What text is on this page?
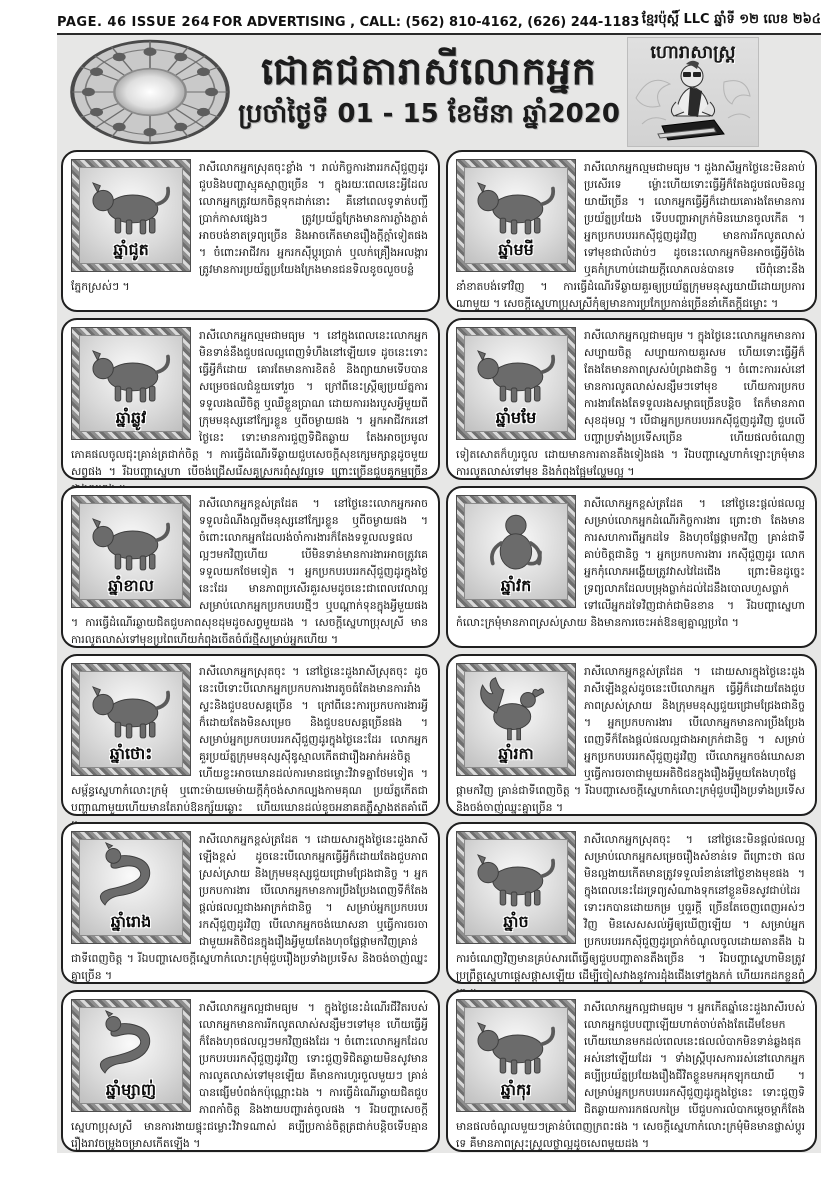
PAGE. 46 ISSUE 264 FOR ADVERTISING , CALL: (562) 810-4162, (626) 244-1183 ខ្មែរប៉ុស្តិ៍ LLC ឆ្នាំទី ១២ លេខ ២៦៤
ជោគជតារាសីលោកអ្នក
ប្រចាំថ្ងៃទី 01 - 15 ខែមីនា ឆ្នាំ2020
ហោរាសាស្ត្រ
ឆ្នាំជូត

រាសីលោកអ្នកស្រុតចុះខ្លាំង ។ រាល់កិច្ចការងាររកស៊ីជួញដូរ ជួបនិងបញ្ហាស្មុគស្មាញច្រើន ។ ក្នុងរយៈពេលនេះអ្វីដែលលោកអ្នកត្រូវយកចិត្តទុកដាក់នោះ គឺនៅពេលទូទាត់បញ្ជីប្រាក់កាសផ្សេងៗ ត្រូវប្រយ័ត្នក្រែងមានការភ្លាំងភ្លាត់ អាចបង់ខាតទ្រព្យច្រើន និងអាចកើតមានរឿងក្តីក្តាំទៀតផង ។ ចំពោះអាជីវករ អ្នករកស៊ីប្តូរប្រាក់ ឬលក់គ្រឿងអលង្ការ ត្រូវមានការប្រយ័ត្នប្រយែងក្រែងមានជនទិលខូចលួចបន្លំភ្នែកស្រស់ៗ ។

ឆ្នាំមមី

រាសីលោកអ្នកល្មមជាមធ្យម ។ ដួងរាសីអ្នកថ្ងៃនេះមិនគាប់ប្រសើរទេ ម្ល៉ោះហើយទោះធ្វើអ្វីក៏តែងជួបផលមិនល្អយាយីច្រើន ។ លោកអ្នកធ្វើអ្វីក៏ដោយគោរងតែមានការប្រយ័ត្នប្រយែង ទើបបញ្ហាអាក្រក់មិនឃោនចូលកើត ។ អ្នកប្រកបរបររកស៊ីជួញដូរវិញ មានការរីកលូតលាស់ទៅមុខជាលំដាប់ៗ ដូចនេះលោកអ្នកមិនអាចធ្វើអ្វីចំងៃ ឬគកំក្រហាប់ដោយក្តីលោភលន់បានទេ បើពុំនោះនឹងនាំខាតបង់ទៅវិញ ។ ការធ្វើដំណើរទីឆ្ងាយគួរឲ្យប្រយ័ត្នក្រុមមនុស្សយាយីដោយប្រការណាមួយ ។ សេចក្តីស្នេហាប្រុសស្រីកុំឲ្យមានការប្រកែប្រកាន់ច្រើននាំកើតក្តីជម្លោះ ។

ឆ្នាំឆ្លូវ

រាសីលោកអ្នកល្មមជាមធ្យម ។ នៅក្នុងពេលនេះលោកអ្នកមិនទាន់នឹងជួបផលល្អពេញទំហឹងនៅឡើយទេ ដូចនេះទោះធ្វើអ្វីក៏ដោយ គោរតែមានការខិតខំ និងព្យាយាមទើបបានសម្រេចផលជំនួយទៅរួច ។ ក្រៅពីនេះស្ត្រីឲ្យប្រយ័ត្នការទទួលរងឈឺចិត្ត ឬឈឺខ្លួនប្រាណ ដោយការរងរបួសអ្វីមួយពីក្រុមមនុស្សនៅក្បែរខ្លួន ឬពីចម្ងាយផង ។ អ្នកអាជីវករនៅថ្ងៃនេះ ទោះមានការជួញទិជិតឆ្ងាយ តែងអាចប្រមូលភោគផលចូលជុះគ្រាន់ត្រជាក់ចិត្ត ។ ការធ្វើដំណើរទីឆ្ងាយជួបសេចក្តីសុខក្សេមក្សាន្តដូចមួយសព្វផង ។ រីឯបញ្ហាស្នេហា បើចង់ជ្រើសរើសគូស្រករពុំសូវល្អទេ ព្រោះច្រើនជួបគូកម្មច្រើន

ឆ្នាំមមែ

រាសីលោកអ្នកល្អជាមធ្យម ។ ក្នុងថ្ងៃនេះលោកអ្នកមានការសប្បាយចិត្ត សប្បាយកាយគួរសម ហើយទោះធ្វើអ្វីក៏តែងតែមានភាពស្រស់បំព្រងជានិច្ច ។ ចំពោះការរស់នៅមានការលូតលាស់សន្សឹមៗទៅមុខ ហើយការប្រកបការងារតែងតែទទួលរងសម្ពាធច្រើនបន្តិច តែក៏មានភាពសុខដុមល្អ ។ បើជាអ្នកប្រកបរបររកស៊ីជួញដូរវិញ ជួបលើបញ្ហាប្រទាំងប្រទើសច្រើន ហើយផលចំណេញទៀតសោតក៏ហួរចួល ដោយមានការតានតឹងទៀងផង ។ រីឯបញ្ហាស្នេហាកំឡោះក្រមុំមានការលូតលាស់ទៅមុខ និងកំពុងផ្អែមល្ហែមល្អ ។

ឆ្នាំខាល

រាសីលោកអ្នកខ្ពស់ត្រដែត ។ នៅថ្ងៃនេះលោកអ្នកអាចទទួលដំណឹងល្អពីមនុស្សនៅក្បែរខ្លួន ឬពីចម្ងាយផង ។ ចំពោះលោកអ្នកដែលរង់ចាំការងារក៏តែងទទួលលទ្ធផលល្អៗមកវិញហើយ បើមិនទាន់មានការងារអាចត្រូវគេទទួលយកថែមទៀត ។ អ្នកប្រកបរបររកស៊ីជួញដូរក្នុងថ្ងៃនេះដែរ មានភាពប្រសើរគួរសមដូចនេះជាពេលវេលាល្អសម្រាប់លោកអ្នកប្រកបរបរថ្មីៗ ឬបណ្តាក់ទុនក្នុងអ្វីមួយផង ។ ការធ្វើដំណើរឆ្ងាយជិតជួបភាពសុខដុមដូចសព្វមួយដង ។ សេចក្តីស្នេហាប្រុសស្រី មានការលូតលាស់ទៅមុខប្រពៃហើយកំពុងចើតចំព័រថ្មីសម្រាប់អ្នកហើយ ។

ឆ្នាំវក

រាសីលោកអ្នកខ្ពស់ត្រដែត ។ នៅថ្ងៃនេះផ្តល់ផលល្អសម្រាប់លោកអ្នកដំណើរកិច្ចការងារ ព្រោះថា តែងមានការសហការពីអ្នកដទៃ និងហុចផ្លែផ្កាមកវិញ គ្រាន់ជាទីគាប់ចិត្តជានិច្ច ។ អ្នកប្រកបការងារ រកស៊ីជួញដូរ លោកអ្នកកុំលោភអង្ហើយត្រូវវាសវៃដៃជើង ព្រោះមិនដូច្នេះទ្រព្យលាភដែលបម្រុងធ្លាក់ដល់ដៃនឹងបោលហួសធ្លាក់ទៅលើអ្នកដទៃវិញជាក់ជាមិនខាន ។ រីឯបញ្ហាស្នេហាកំលោះក្រមុំមានភាពស្រស់ស្រាយ និងមានការចេះអត់ឱនឲ្យគ្នាល្អប្រពៃ ។

ឆ្នាំថោះ

រាសីលោកអ្នកស្រុតចុះ ។ នៅថ្ងៃនេះដួងរាសីស្រុតចុះ ដូចនេះបើទោះបីលោកអ្នកប្រកបការងារតូចធំតែងមានការរាំងស្ទះនិងជួបឧបសគ្គច្រើន ។ ក្រៅពីនេះការប្រកបការងារអ្វីក៏ដោយតែងមិនសម្រេច និងជួបឧបសគ្គច្រើនផង ។ សម្រាប់អ្នកប្រកបរបររកស៊ីជួញដូរក្នុងថ្ងៃនេះដែរ លោកអ្នកគួរប្រយ័ត្នក្រុមមនុស្សស៊ីឌូស្មាលកើតជារឿងអាក់អន់ចិត្ត ហើយខ្លះអាចឃោនដល់ការមានជម្លោះវិវាទគ្នាថែមទៀត ។ សម្ព័ន្ធស្នេហាកំលោះក្រមុំ ឬពោះម៉ាយមេម៉ាយក្តីកុំចង់សាកល្បងកាមគុណ ប្រយ័ត្នកើតជាបញ្ហាណាមួយហើយមានតែរាប់ឱនក្ស័យឆ្ងោះ ហើយឃោនដល់ខូចអនាគតភ្លឺស្វាងឥតគាំពើ

ឆ្នាំរកា

រាសីលោកអ្នកខ្ពស់ត្រដែត ។ ដោយសារក្នុងថ្ងៃនេះដួងរាសីឡើងខ្ពស់ដូចនេះបើលោកអ្នក ធ្វើអ្វីក៏ដោយតែងជួបភាពស្រស់ស្រាយ និងក្រុមមនុស្សជួយជ្រោមជ្រែងជានិច្ច ។ អ្នកប្រកបការងារ បើលោកអ្នកមានការប្រឹងប្រែងពេញទីក៏តែងផ្តល់ផលល្អជាងអាក្រក់ជានិច្ច ។ សម្រាប់អ្នកប្រកបរបររកស៊ីជួញដូរវិញ បើលោកអ្នកចង់ឃោសនា ឬធ្វើការចរចាជាមួយអតិថិជនក្នុងរឿងអ្វីមួយតែងហុចផ្លែផ្កាមកវិញ គ្រាន់ជាទីពេញចិត្ត ។ រីឯបញ្ហាសេចក្តីស្នេហាកំលោះក្រមុំជួបរឿងប្រទាំងប្រទើស និងចង់ចាញ់ឈ្នះគ្នាច្រើន ។

ឆ្នាំរោង

រាសីលោកអ្នកខ្ពស់ត្រដែត ។ ដោយសារក្នុងថ្ងៃនេះដួងរាសីឡើងខ្ពស់ ដូចនេះបើលោកអ្នកធ្វើអ្វីក៏ដោយតែងជួបភាពស្រស់ស្រាយ និងក្រុមមនុស្សជួយជ្រោមជ្រែងជានិច្ច ។ អ្នកប្រកបការងារ បើលោកអ្នកមានការប្រឹងប្រែងពេញទីក៏តែងផ្តល់ផលល្អជាងអាក្រក់ជានិច្ច ។ សម្រាប់អ្នកប្រកបរបររកស៊ីជួញដូរវិញ បើលោកអ្នកចង់ឃោសនា ឬធ្វើការចរចាជាមួយអតិថិជនក្នុងរឿងអ្វីមួយតែងហុចផ្លែផ្កាមកវិញគ្រាន់ជាទីពេញចិត្ត ។ រីឯបញ្ហាសេចក្តីស្នេហាកំលោះក្រមុំជួបរឿងប្រទាំងប្រទើស និងចង់ចាញ់ឈ្នះគ្នាច្រើន ។

ឆ្នាំច

រាសីលោកអ្នកស្រុតចុះ ។ នៅថ្ងៃនេះមិនផ្តល់ផលល្អសម្រាប់លោកអ្នកសម្រេចរឿងសំខាន់ទេ ពីព្រោះថា ផលមិនល្អងាយកើតមានត្រូវទទួលរំខាន់នៅថ្ងៃខាងមុខផង ។ ក្នុងពេលនេះដែរទ្រព្យសំណាងទុកនៅខ្លួនមិនសូវជាប់ដៃរ ទោះរកបានដោយកម្រ ឬធួរក្តី ច្រើនតែចេញពេញអស់ៗវិញ មិនសេសសល់អ្វីឲ្យឃើញឡើយ ។ សម្រាប់អ្នកប្រកបរបររកស៊ីជួញដូរប្រាក់ចំណូលចូលដោយតានតឹង ឯការចំណេញវិញមានគ្រប់សារពើធ្វើឲ្យជួបបញ្ហាតានតឹងច្រើន ។ រីឯបញ្ហាស្នេហាមិនត្រូវប្រព្រឹត្តស្នេហាផ្តេសផ្តាសឡើយ ដើម្បីចៀសវាងនូវការដុំងជើងទៅក្នុងភក់ ហើយរកដកខ្លួនពុំ

ឆ្នាំម្សាញ់

រាសីលោកអ្នកល្អជាមធ្យម ។ ក្នុងថ្ងៃនេះដំណើរជីវិតរបស់លោកអ្នកមានការរីកលូតលាស់សន្សឹមៗទៅមុខ ហើយធ្វើអ្វីក៏តែងហុចផលល្អៗមកវិញផងដែរ ។ ចំពោះលោកអ្នកដែលប្រកបរបររកស៊ីជួញដូរវិញ ទោះជួញទិជិតឆ្ងាយមិនសូវមានការលូតលាស់ទៅមុខឡើយ គឺមានការហួរចួលមួយៗ គ្រាន់បានផ្សើមបំពង់កប៉ុណ្ណោះឯង ។ ការធ្វើដំណើរឆ្ងាយជិតជួបភាពកាំចិត្ត និងងាយបញ្ហារត់ចូលផង ។ រីឯបញ្ហាសេចក្តីស្នេហាប្រុសស្រី មានការងាយផ្ទុះជម្លោះវិវាទណាស់ គប្បីប្រកាន់ចិត្តត្រជាក់បន្តិចទើបគ្មានរឿងរាវចម្រូងចម្រាសកើតឡើង ។

ឆ្នាំកុរ

រាសីលោកអ្នកល្អជាមធ្យម ។ អ្នកកើតឆ្នាំនេះដួងរាសីរបស់លោកអ្នកជួបបញ្ហាឡើយហាត់ចាប់តាំងតែដើមខែមក ហើយឃោនមកដល់ពេលនេះផលលំបាកមិនទាន់ឆ្លងផុតអស់នៅឡើយដែរ ។ ទាំងស្ត្រីបុរសការរស់នៅលោកអ្នកគប្បីប្រយ័ត្នប្រយែងរឿងជីវិតខ្លួនមកអុកឡុកយាយី ។ សម្រាប់អ្នកប្រកបរបររកស៊ីជួញដូរក្នុងថ្ងៃនេះ ទោះជួញទិជិតឆ្ងាយការរកផលកម្រៃ បើជួបការលំបាកម្តេចម្តាក៏តែងមានផលចំណូលមួយៗគ្រាន់បំពេញក្រពះផង ។ សេចក្តីស្នេហាកំលោះក្រមុំមិនមានផ្លាស់ប្តូរទេ គឺមានភាពស្រុះស្រួលថ្លាល្អដូចសេពមួយដង ។
